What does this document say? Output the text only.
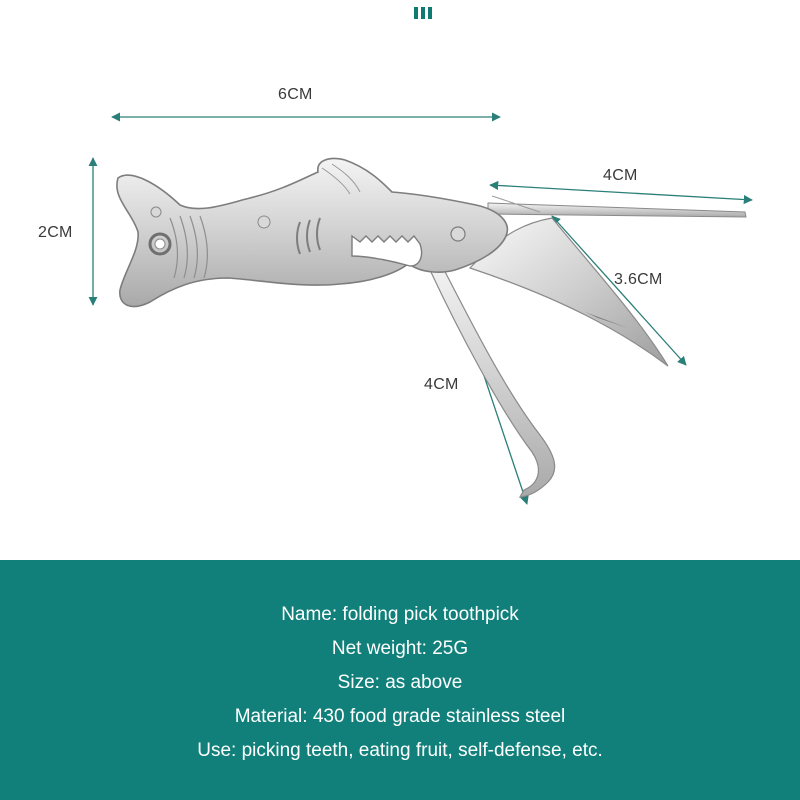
6CM
2CM
4CM
3.6CM
4CM
Name: folding pick toothpick
Net weight: 25G
Size: as above
Material: 430 food grade stainless steel
Use: picking teeth, eating fruit, self-defense, etc.
